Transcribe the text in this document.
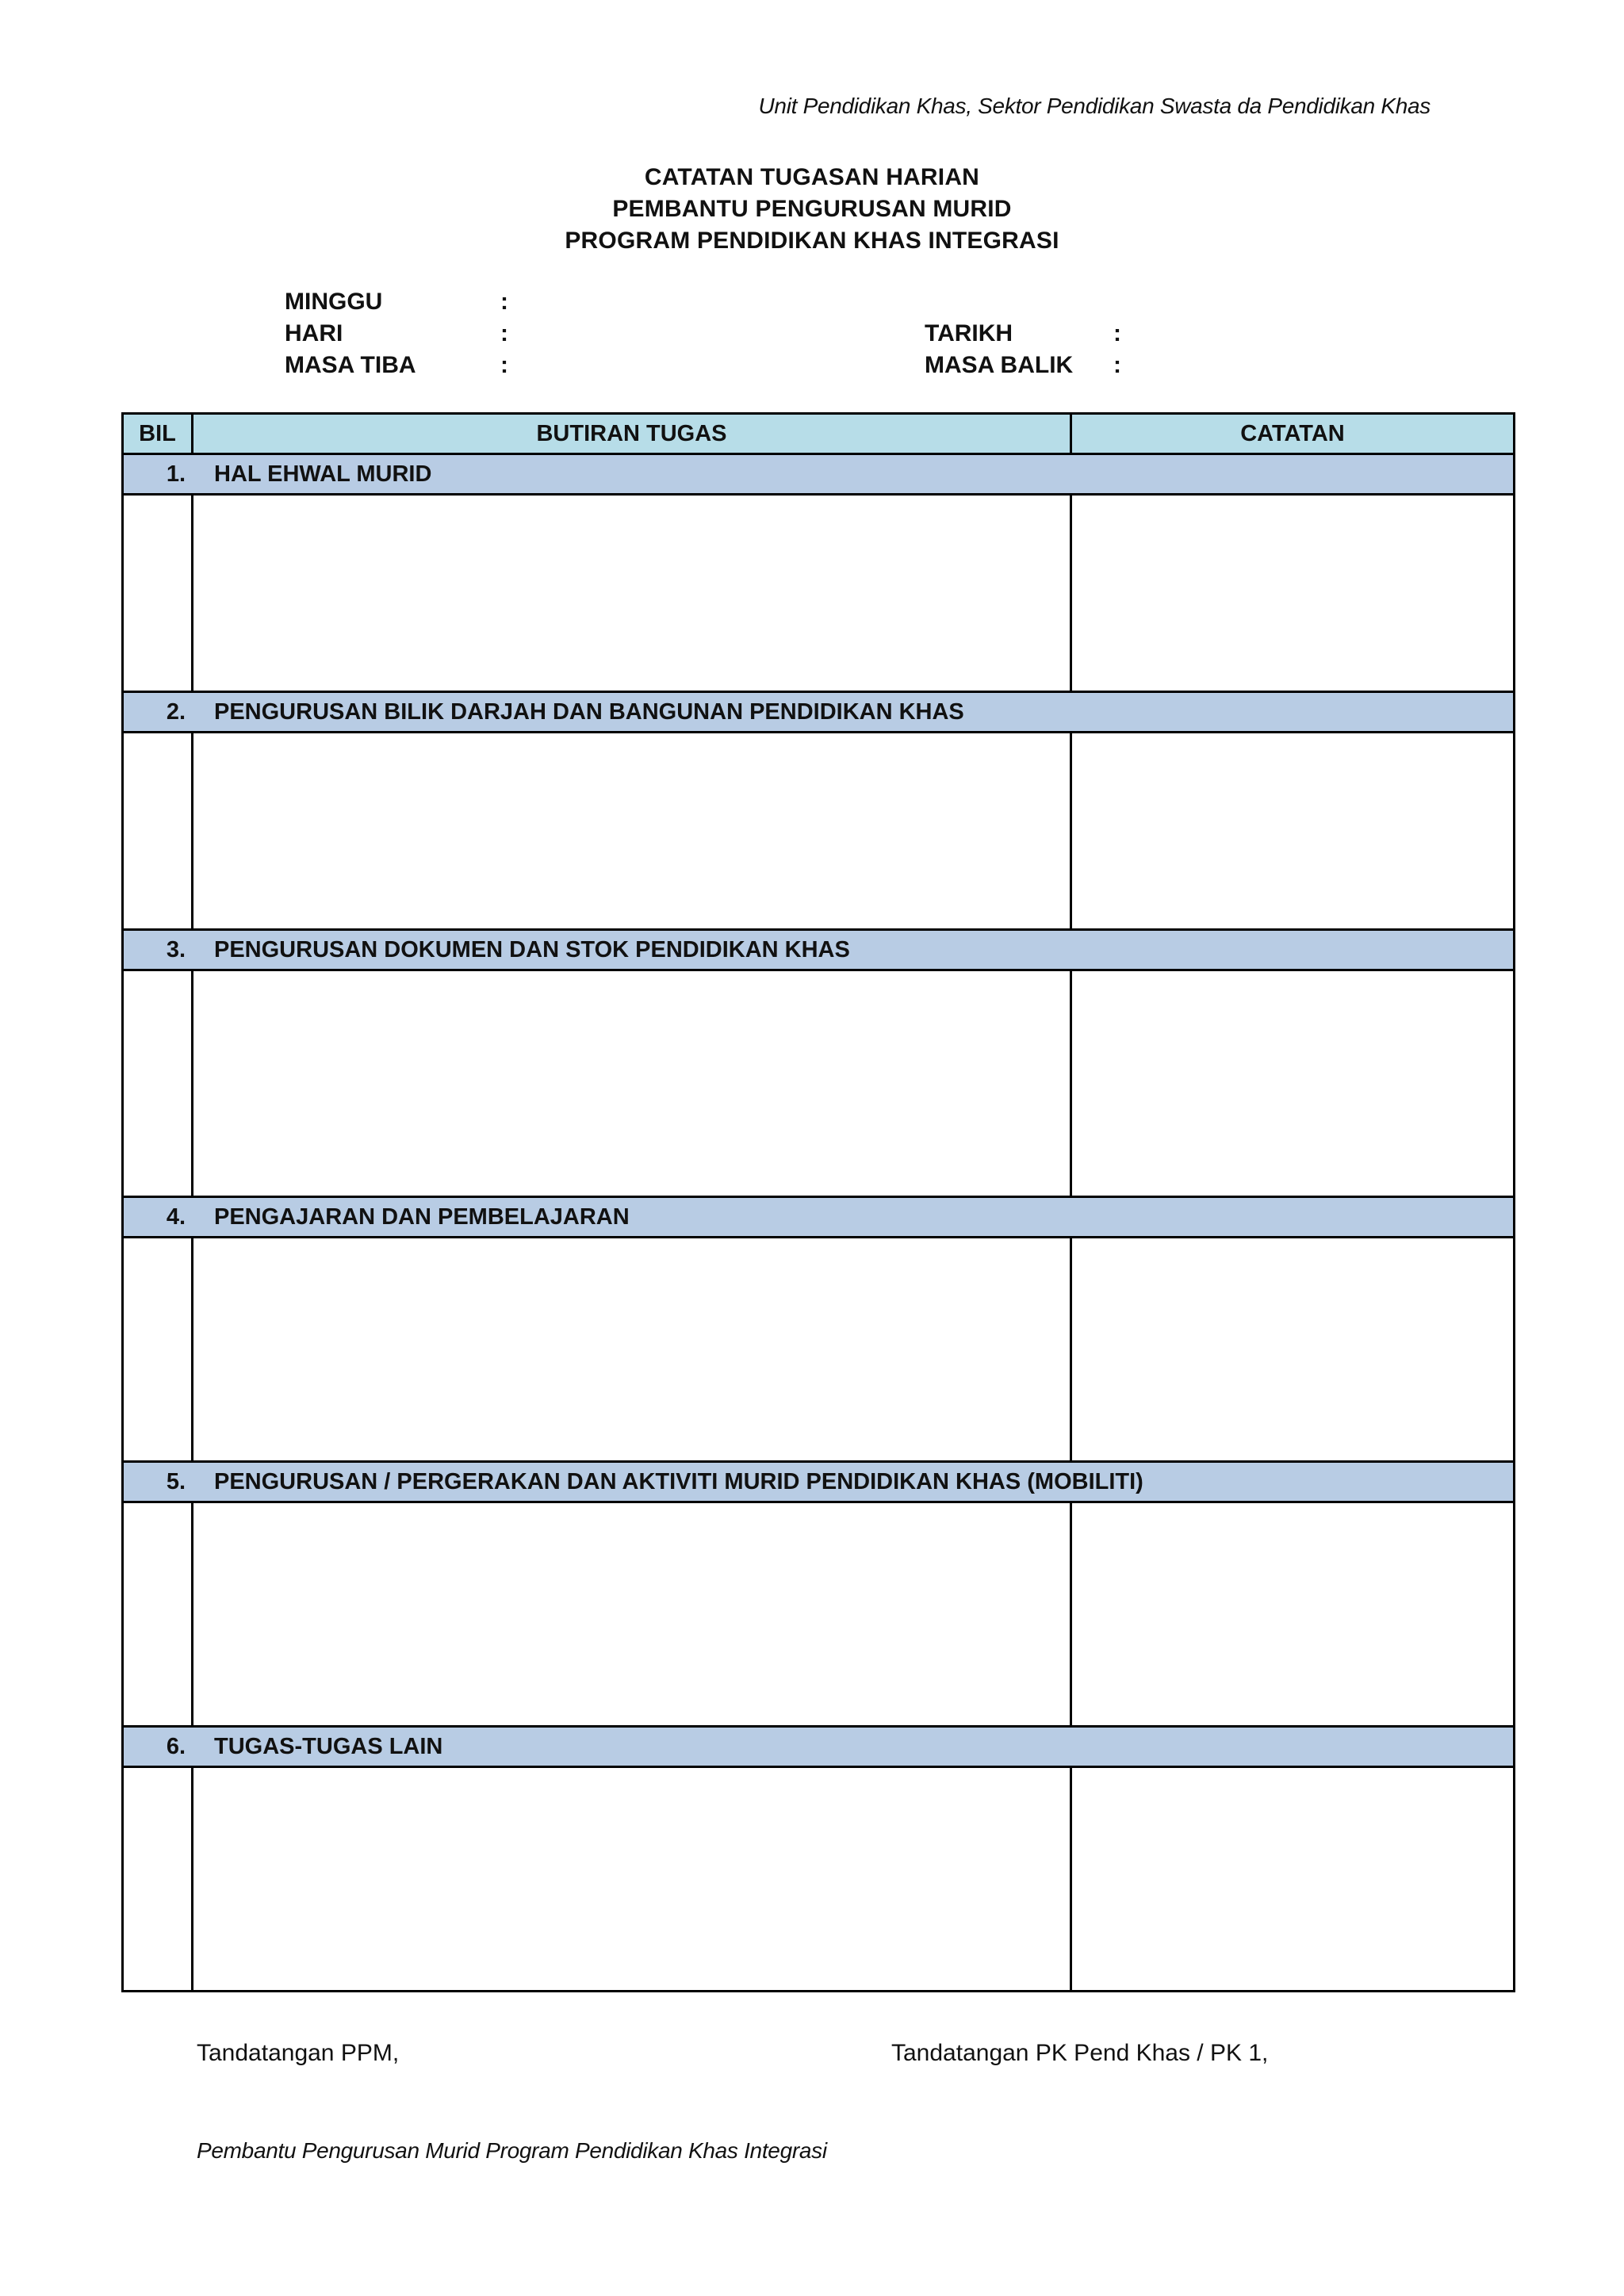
Unit Pendidikan Khas, Sektor Pendidikan Swasta da Pendidikan Khas
CATATAN TUGASAN HARIAN
PEMBANTU PENGURUSAN MURID
PROGRAM PENDIDIKAN KHAS INTEGRASI
MINGGU	:
HARI	:
MASA TIBA	:
TARIKH	:
MASA BALIK :
BIL	BUTIRAN TUGAS	CATATAN
1. HAL EHWAL MURID		

2. PENGURUSAN BILIK DARJAH DAN BANGUNAN PENDIDIKAN KHAS		

3. PENGURUSAN DOKUMEN DAN STOK PENDIDIKAN KHAS		

4. PENGAJARAN DAN PEMBELAJARAN		

5. PENGURUSAN / PERGERAKAN DAN AKTIVITI MURID PENDIDIKAN KHAS (MOBILITI)		

6. TUGAS-TUGAS LAIN		

Tandatangan PPM,	Tandatangan PK Pend Khas / PK 1,
Pembantu Pengurusan Murid Program Pendidikan Khas Integrasi
